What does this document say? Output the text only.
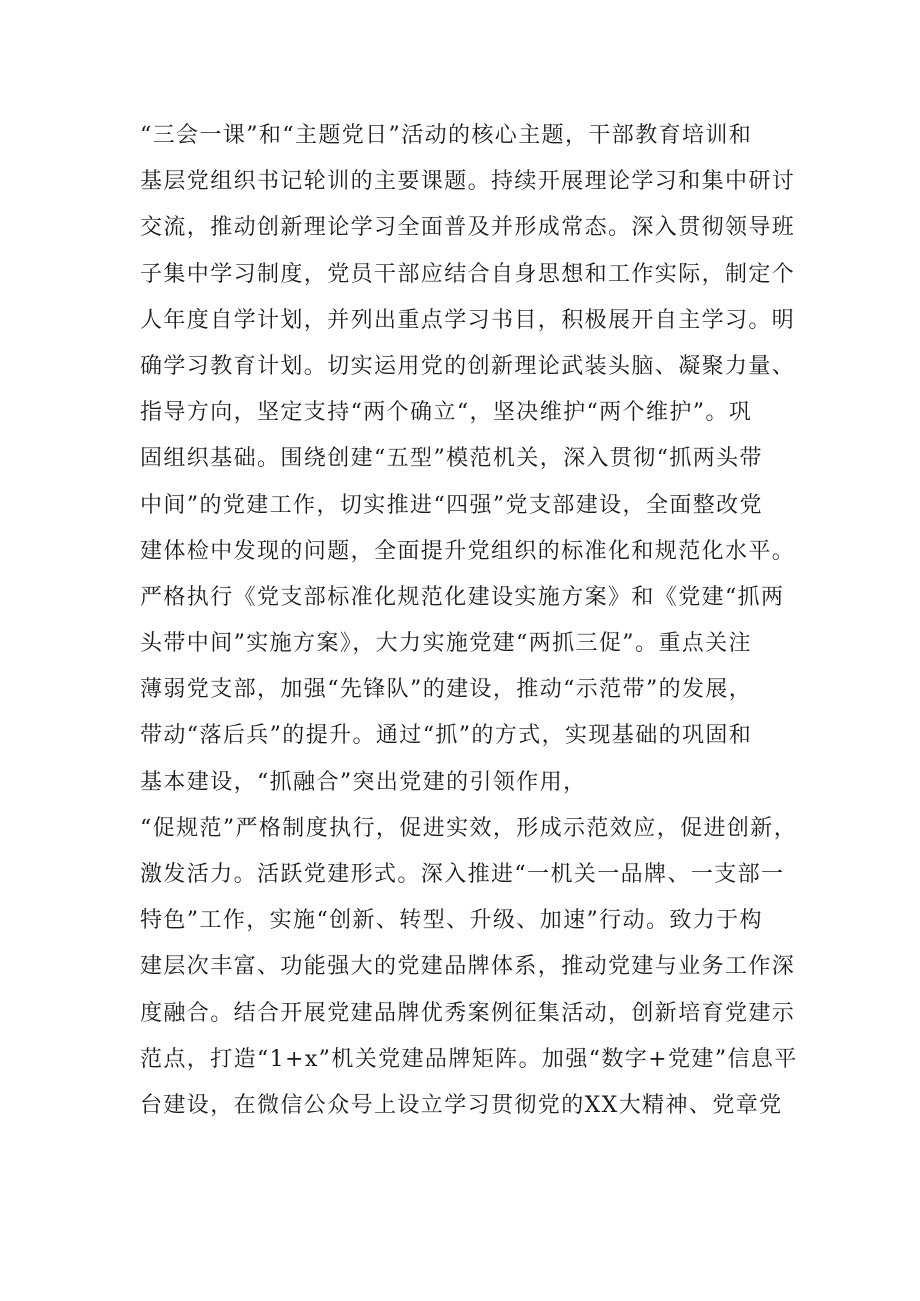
“三会一课”和“主题党日”活动的核心主题，干部教育培训和
基层党组织书记轮训的主要课题。持续开展理论学习和集中研讨
交流，推动创新理论学习全面普及并形成常态。深入贯彻领导班
子集中学习制度，党员干部应结合自身思想和工作实际，制定个
人年度自学计划，并列出重点学习书目，积极展开自主学习。明
确学习教育计划。切实运用党的创新理论武装头脑、凝聚力量、
指导方向，坚定支持“两个确立“，坚决维护“两个维护”。巩
固组织基础。围绕创建“五型”模范机关，深入贯彻“抓两头带
中间”的党建工作，切实推进“四强”党支部建设，全面整改党
建体检中发现的问题，全面提升党组织的标准化和规范化水平。
严格执行《党支部标准化规范化建设实施方案》和《党建“抓两
头带中间”实施方案》，大力实施党建“两抓三促”。重点关注
薄弱党支部，加强“先锋队”的建设，推动“示范带”的发展，
带动“落后兵”的提升。通过“抓”的方式，实现基础的巩固和
基本建设，“抓融合”突出党建的引领作用，
“促规范”严格制度执行，促进实效，形成示范效应，促进创新，
激发活力。活跃党建形式。深入推进“一机关一品牌、一支部一
特色”工作，实施“创新、转型、升级、加速”行动。致力于构
建层次丰富、功能强大的党建品牌体系，推动党建与业务工作深
度融合。结合开展党建品牌优秀案例征集活动，创新培育党建示
范点，打造“1+x”机关党建品牌矩阵。加强“数字+党建”信息平
台建设，在微信公众号上设立学习贯彻党的XX大精神、党章党
